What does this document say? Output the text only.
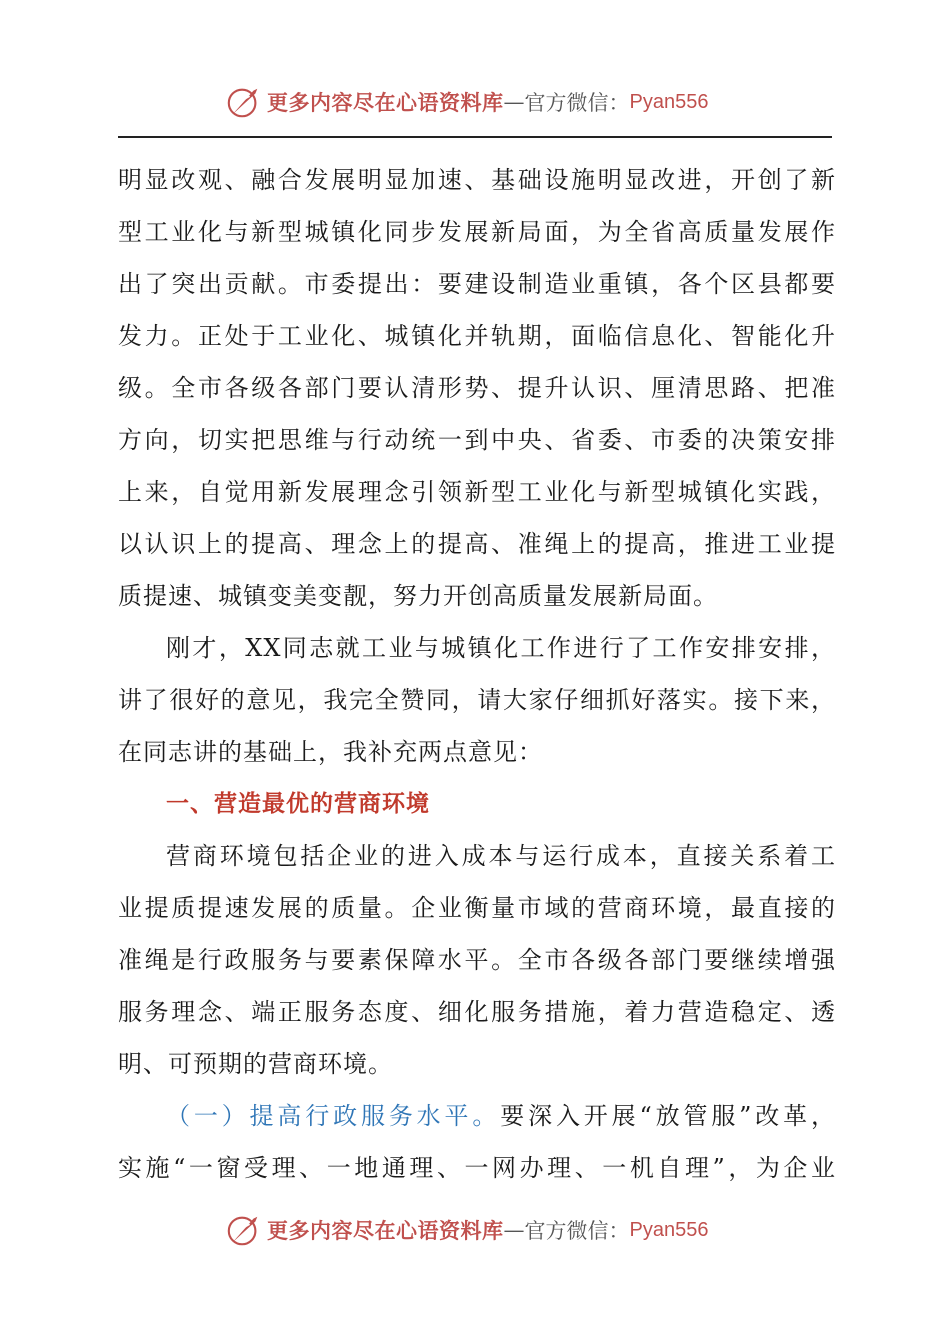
更多内容尽在心语资料库 — 官方微信： Pyan556
明显改观、融合发展明显加速、基础设施明显改进，开创了新
型工业化与新型城镇化同步发展新局面，为全省高质量发展作
出了突出贡献。市委提出：要建设制造业重镇，各个区县都要
发力。正处于工业化、城镇化并轨期，面临信息化、智能化升
级。全市各级各部门要认清形势、提升认识、厘清思路、把准
方向，切实把思维与行动统一到中央、省委、市委的决策安排
上来，自觉用新发展理念引领新型工业化与新型城镇化实践，
以认识上的提高、理念上的提高、准绳上的提高，推进工业提
质提速、城镇变美变靓，努力开创高质量发展新局面。
刚才，XX同志就工业与城镇化工作进行了工作安排安排，
讲了很好的意见，我完全赞同，请大家仔细抓好落实。接下来，
在同志讲的基础上，我补充两点意见：
一、营造最优的营商环境
营商环境包括企业的进入成本与运行成本，直接关系着工
业提质提速发展的质量。企业衡量市域的营商环境，最直接的
准绳是行政服务与要素保障水平。全市各级各部门要继续增强
服务理念、端正服务态度、细化服务措施，着力营造稳定、透
明、可预期的营商环境。
（一）提高行政服务水平。要深入开展“放管服”改革，
实施“一窗受理、一地通理、一网办理、一机自理”，为企业
更多内容尽在心语资料库 — 官方微信： Pyan556
